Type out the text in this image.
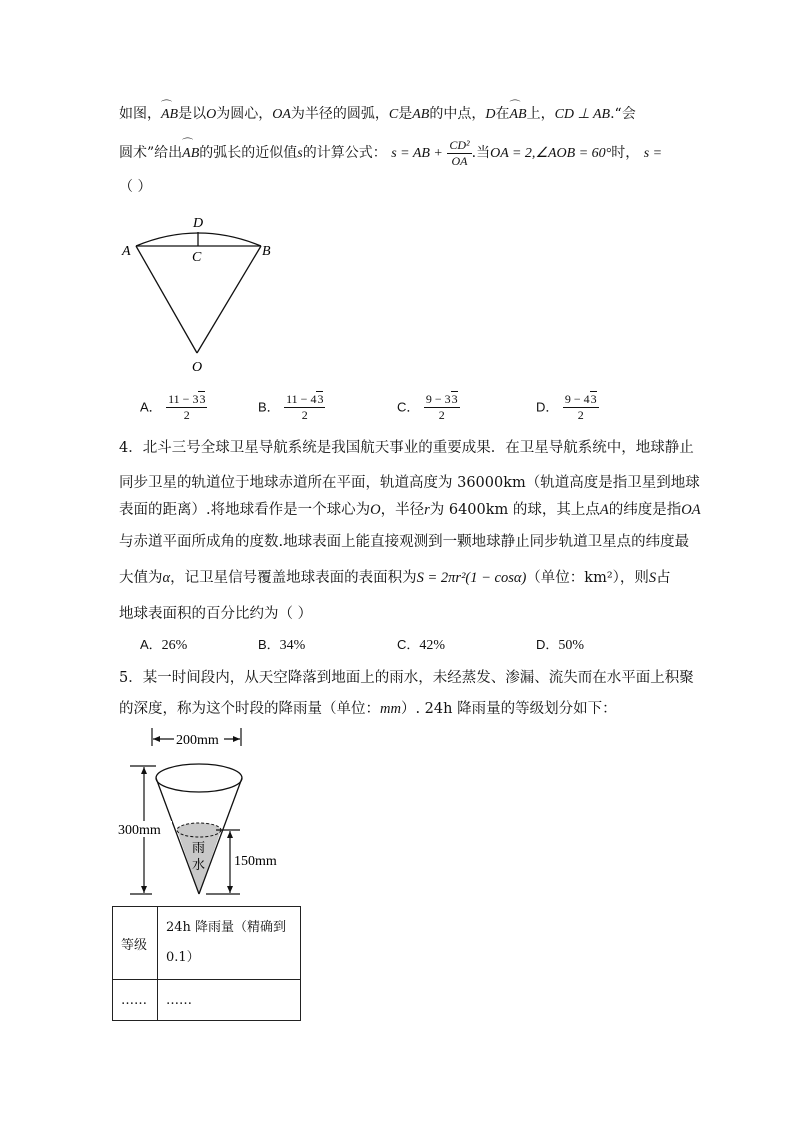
如图，⌒ AB是以O为圆心，OA为半径的圆弧，C是AB的中点，D在⌒ AB上，CD ⊥ AB.“会
圆术”给出⌒ AB的弧长的近似值s的计算公式： s = AB + $\frac{\text{CD²}}{OA}$ .当OA = 2,∠AOB = 60°时， s =
（ ）
A	B
C
D
O
A． $\frac{11 - 33}{2}$	B． $\frac{11 - 43}{2}$	C． $\frac{9 - 33}{2}$	D． $\frac{9 - 43}{2}$
4．北斗三号全球卫星导航系统是我国航天事业的重要成果．在卫星导航系统中，地球静止
同步卫星的轨道位于地球赤道所在平面，轨道高度为 36000km（轨道高度是指卫星到地球
表面的距离）.将地球看作是一个球心为O，半径r为 6400km 的球，其上点A的纬度是指OA
与赤道平面所成角的度数.地球表面上能直接观测到一颗地球静止同步轨道卫星点的纬度最
大值为α，记卫星信号覆盖地球表面的表面积为S = 2πr²(1 − cosα)（单位：km²），则S占
地球表面积的百分比约为（ ）
A．26%	B．34%	C．42%	D．50%
5．某一时间段内，从天空降落到地面上的雨水，未经蒸发、渗漏、流失而在水平面上积聚
的深度，称为这个时段的降雨量（单位：mm）. 24h 降雨量的等级划分如下：
200mm
雨
水
300mm
150mm
等级	24h 降雨量（精确到
0.1）

……	……
